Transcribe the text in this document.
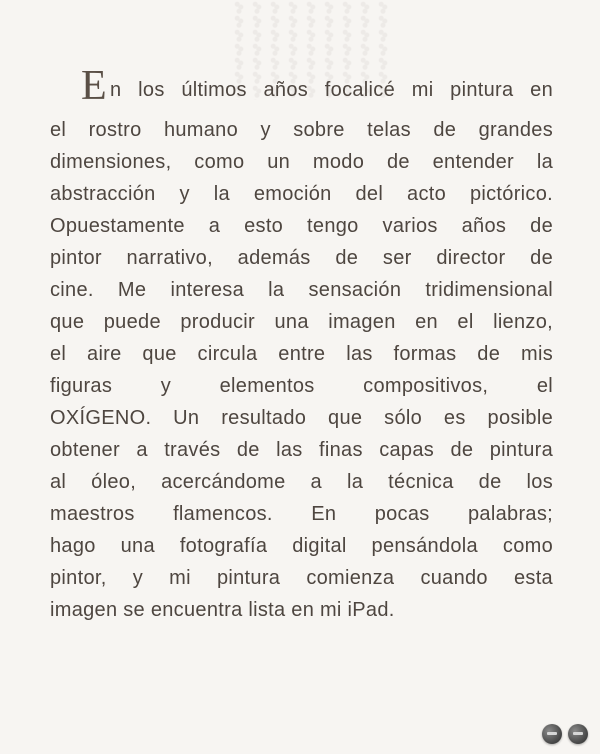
E n los últimos años focalicé mi pintura en
el rostro humano y sobre telas de grandes
dimensiones, como un modo de entender la
abstracción y la emoción del acto pictórico.
Opuestamente a esto tengo varios años de
pintor narrativo, además de ser director de
cine. Me interesa la sensación tridimensional
que puede producir una imagen en el lienzo,
el aire que circula entre las formas de mis
figuras y elementos compositivos, el
OXÍGENO. Un resultado que sólo es posible
obtener a través de las finas capas de pintura
al óleo, acercándome a la técnica de los
maestros flamencos. En pocas palabras;
hago una fotografía digital pensándola como
pintor, y mi pintura comienza cuando esta
imagen se encuentra lista en mi iPad.
